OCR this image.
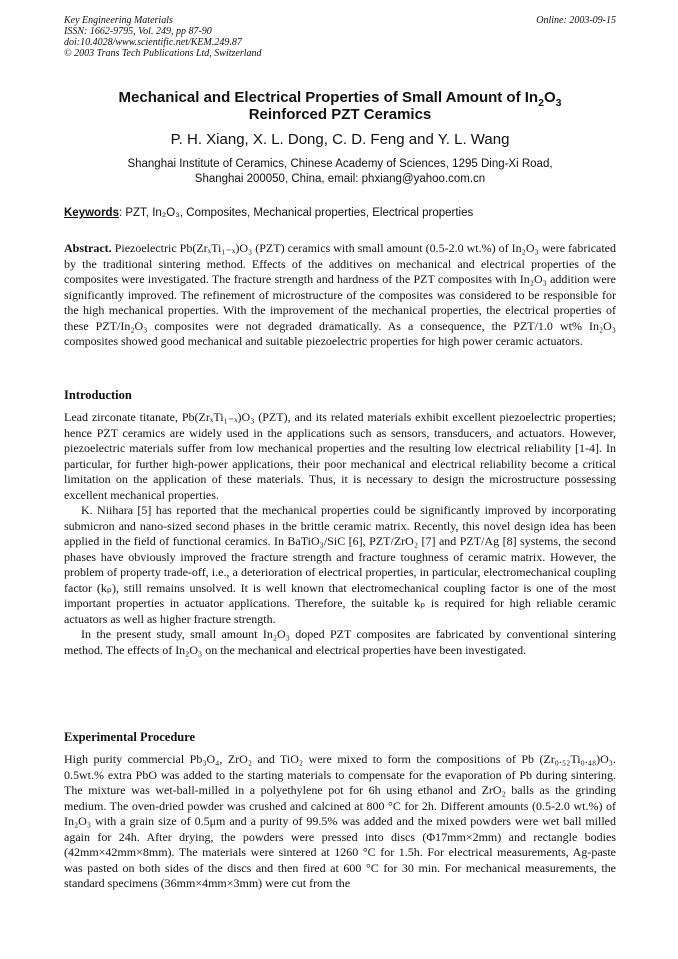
Key Engineering Materials
ISSN: 1662-9795, Vol. 249, pp 87-90
doi:10.4028/www.scientific.net/KEM.249.87
© 2003 Trans Tech Publications Ltd, Switzerland
Online: 2003-09-15
Mechanical and Electrical Properties of Small Amount of $In_2O_3$
Reinforced PZT Ceramics
P. H. Xiang, X. L. Dong, C. D. Feng and Y. L. Wang
Shanghai Institute of Ceramics, Chinese Academy of Sciences, 1295 Ding-Xi Road,
Shanghai 200050, China, email: phxiang@yahoo.com.cn
Keywords: PZT, In₂O₃, Composites, Mechanical properties, Electrical properties

Abstract. Piezoelectric Pb(ZrₓTi₁₋ₓ)O₃ (PZT) ceramics with small amount (0.5-2.0 wt.%) of In₂O₃ were fabricated by the traditional sintering method. Effects of the additives on mechanical and electrical properties of the composites were investigated. The fracture strength and hardness of the PZT composites with In₂O₃ addition were significantly improved. The refinement of microstructure of the composites was considered to be responsible for the high mechanical properties. With the improvement of the mechanical properties, the electrical properties of these PZT/In₂O₃ composites were not degraded dramatically. As a consequence, the PZT/1.0 wt% In₂O₃ composites showed good mechanical and suitable piezoelectric properties for high power ceramic actuators.

Introduction

Lead zirconate titanate, Pb(ZrₓTi₁₋ₓ)O₃ (PZT), and its related materials exhibit excellent piezoelectric properties; hence PZT ceramics are widely used in the applications such as sensors, transducers, and actuators. However, piezoelectric materials suffer from low mechanical properties and the resulting low electrical reliability [1-4]. In particular, for further high-power applications, their poor mechanical and electrical reliability become a critical limitation on the application of these materials. Thus, it is necessary to design the microstructure possessing excellent mechanical properties.

K. Niihara [5] has reported that the mechanical properties could be significantly improved by incorporating submicron and nano-sized second phases in the brittle ceramic matrix. Recently, this novel design idea has been applied in the field of functional ceramics. In BaTiO₃/SiC [6], PZT/ZrO₂ [7] and PZT/Ag [8] systems, the second phases have obviously improved the fracture strength and fracture toughness of ceramic matrix. However, the problem of property trade-off, i.e., a deterioration of electrical properties, in particular, electromechanical coupling factor (kₚ), still remains unsolved. It is well known that electromechanical coupling factor is one of the most important properties in actuator applications. Therefore, the suitable kₚ is required for high reliable ceramic actuators as well as higher fracture strength.

In the present study, small amount In₂O₃ doped PZT composites are fabricated by conventional sintering method. The effects of In₂O₃ on the mechanical and electrical properties have been investigated.

Experimental Procedure

High purity commercial Pb₃O₄, ZrO₂ and TiO₂ were mixed to form the compositions of Pb (Zr₀.₅₂Ti₀.₄₈)O₃. 0.5wt.% extra PbO was added to the starting materials to compensate for the evaporation of Pb during sintering. The mixture was wet-ball-milled in a polyethylene pot for 6h using ethanol and ZrO₂ balls as the grinding medium. The oven-dried powder was crushed and calcined at 800 °C for 2h. Different amounts (0.5-2.0 wt.%) of In₂O₃ with a grain size of 0.5μm and a purity of 99.5% was added and the mixed powders were wet ball milled again for 24h. After drying, the powders were pressed into discs (Φ17mm×2mm) and rectangle bodies (42mm×42mm×8mm). The materials were sintered at 1260 °C for 1.5h. For electrical measurements, Ag-paste was pasted on both sides of the discs and then fired at 600 °C for 30 min. For mechanical measurements, the standard specimens (36mm×4mm×3mm) were cut from the
